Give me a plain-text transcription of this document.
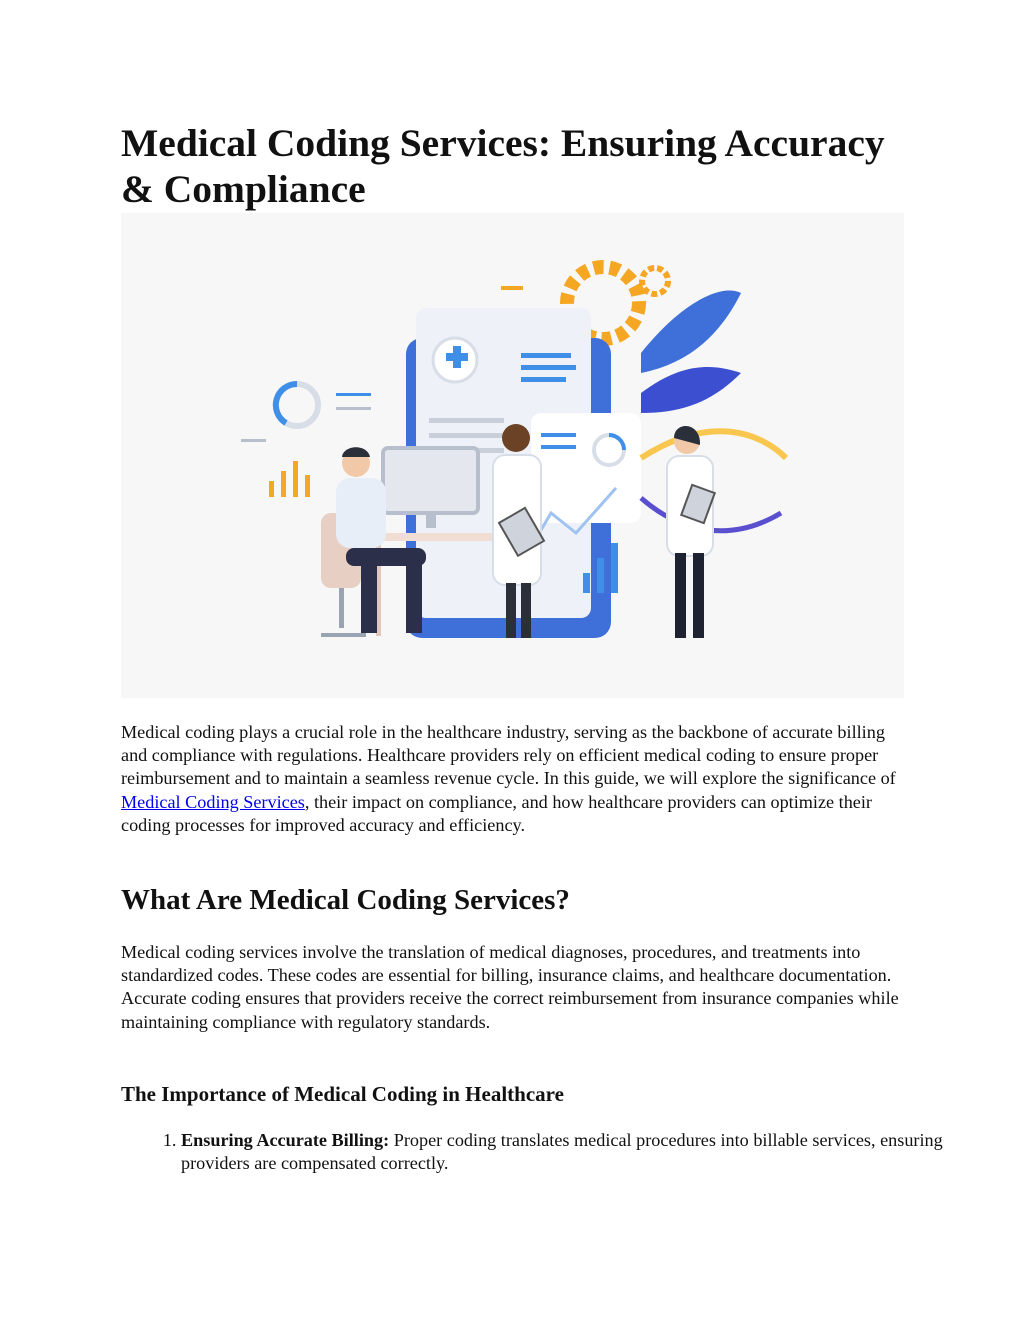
Medical Coding Services: Ensuring Accuracy & Compliance

Medical coding plays a crucial role in the healthcare industry, serving as the backbone of accurate billing and compliance with regulations. Healthcare providers rely on efficient medical coding to ensure proper reimbursement and to maintain a seamless revenue cycle. In this guide, we will explore the significance of Medical Coding Services, their impact on compliance, and how healthcare providers can optimize their coding processes for improved accuracy and efficiency.

What Are Medical Coding Services?

Medical coding services involve the translation of medical diagnoses, procedures, and treatments into standardized codes. These codes are essential for billing, insurance claims, and healthcare documentation. Accurate coding ensures that providers receive the correct reimbursement from insurance companies while maintaining compliance with regulatory standards.

The Importance of Medical Coding in Healthcare
1. Ensuring Accurate Billing: Proper coding translates medical procedures into billable services, ensuring providers are compensated correctly.
